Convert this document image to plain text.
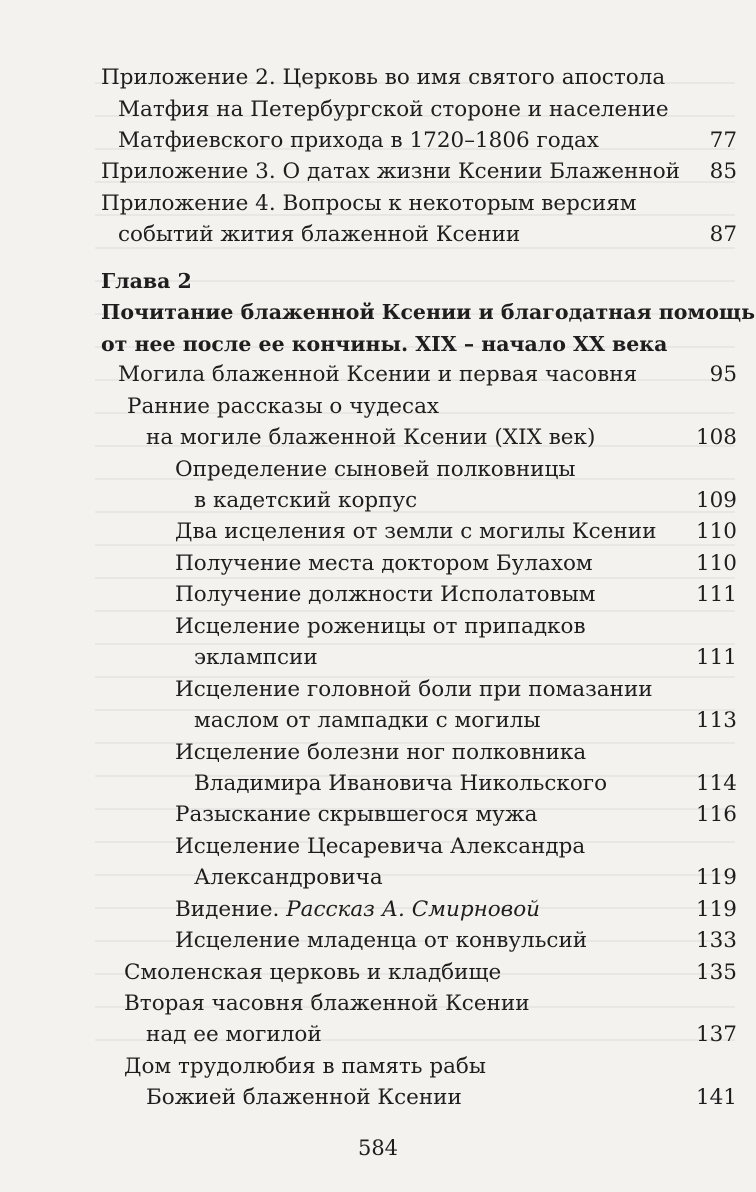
Приложение 2. Церковь во имя святого апостола
Матфия на Петербургской стороне и население
Матфиевского прихода в 1720–1806 годах	77
Приложение 3. О датах жизни Ксении Блаженной 85
Приложение 4. Вопросы к некоторым версиям
событий жития блаженной Ксении	87
Глава 2
Почитание блаженной Ксении и благодатная помощь
от нее после ее кончины. XIX – начало XX века
Могила блаженной Ксении и первая часовня	95
Ранние рассказы о чудесах
на могиле блаженной Ксении (XIX век)	108
Определение сыновей полковницы
в кадетский корпус	109
Два исцеления от земли с могилы Ксении 110
Получение места доктором Булахом	110
Получение должности Исполатовым	111
Исцеление роженицы от припадков
эклампсии	111
Исцеление головной боли при помазании
маслом от лампадки с могилы	113
Исцеление болезни ног полковника
Владимира Ивановича Никольского	114
Разыскание скрывшегося мужа	116
Исцеление Цесаревича Александра
Александровича	119
Видение. Рассказ А. Смирновой	119
Исцеление младенца от конвульсий	133
Смоленская церковь и кладбище	135
Вторая часовня блаженной Ксении
над ее могилой	137
Дом трудолюбия в память рабы
Божией блаженной Ксении	141
584
